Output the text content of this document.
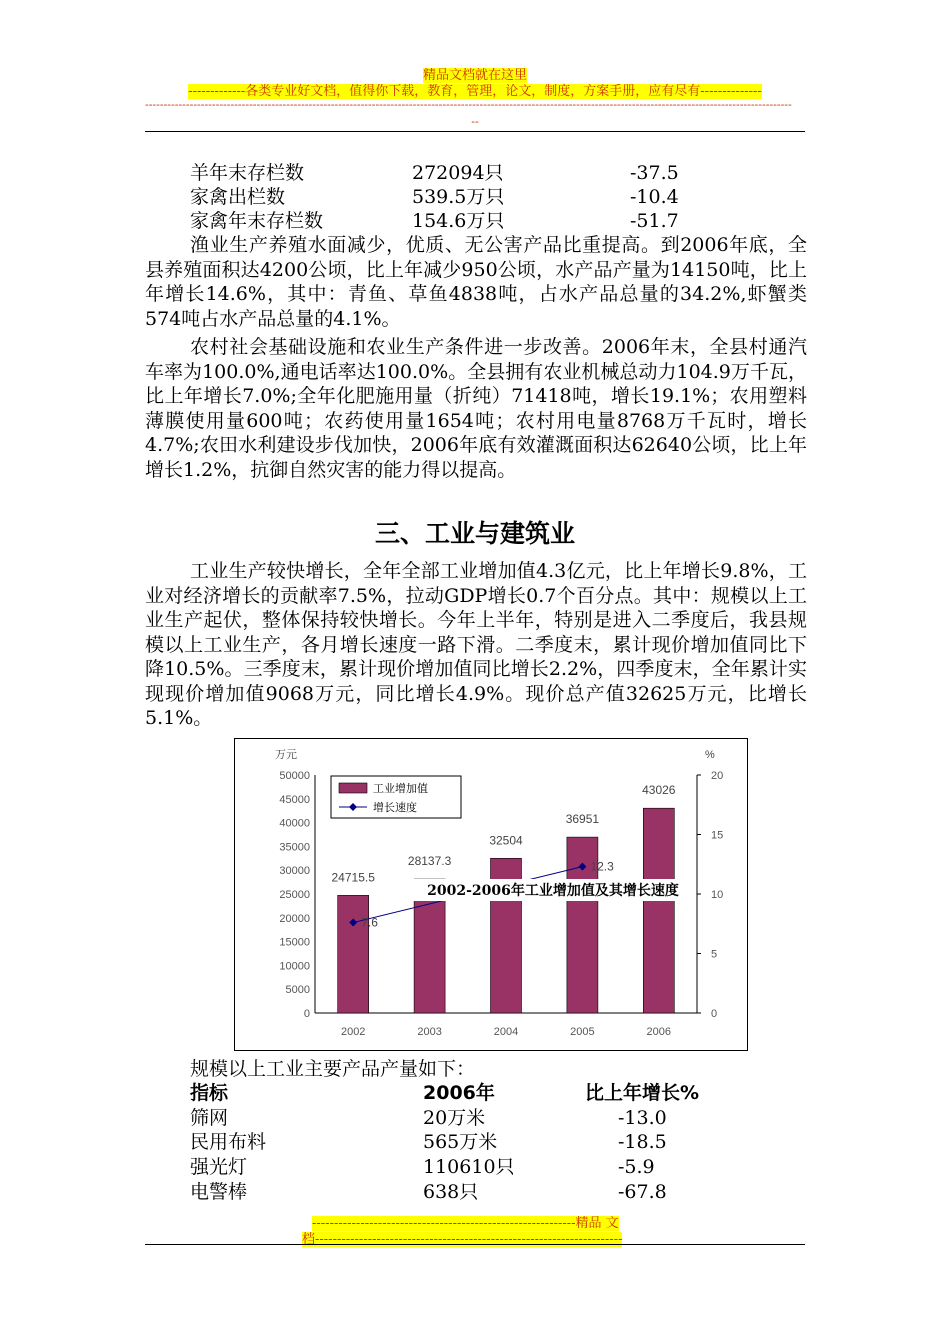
精品文档就在这里
-------------各类专业好文档，值得你下载，教育，管理，论文，制度，方案手册，应有尽有--------------
------------------------------------------------------------------------------------------------------------------------------------------------------------------------------
--
羊年末存栏数	272094只	-37.5
家禽出栏数	539.5万只	-10.4
家禽年末存栏数	154.6万只	-51.7

渔业生产养殖水面减少，优质、无公害产品比重提高。到2006年底，全县养殖面积达4200公顷，比上年减少950公顷，水产品产量为14150吨，比上年增长14.6%，其中：青鱼、草鱼4838吨，占水产品总量的34.2%,虾蟹类574吨占水产品总量的4.1%。

农村社会基础设施和农业生产条件进一步改善。2006年末，全县村通汽车率为100.0%,通电话率达100.0%。全县拥有农业机械总动力104.9万千瓦，比上年增长7.0%;全年化肥施用量（折纯）71418吨，增长19.1%；农用塑料薄膜使用量600吨；农药使用量1654吨；农村用电量8768万千瓦时，增长4.7%;农田水利建设步伐加快，2006年底有效灌溉面积达62640公顷，比上年增长1.2%，抗御自然灾害的能力得以提高。

三、工业与建筑业

工业生产较快增长，全年全部工业增加值4.3亿元，比上年增长9.8%，工业对经济增长的贡献率7.5%，拉动GDP增长0.7个百分点。其中：规模以上工业生产起伏，整体保持较快增长。今年上半年，特别是进入二季度后，我县规模以上工业生产，各月增长速度一路下滑。二季度末，累计现价增加值同比下降10.5%。三季度末，累计现价增加值同比增长2.2%，四季度末，全年累计实现现价增加值9068万元，同比增长4.9%。现价总产值32625万元，比增长5.1%。

万元	%
50000
45000
40000
35000
30000
25000
20000
15000
10000
5000
0
20
15
10
5
0
24715.5
28137.3
32504
36951
43026
2002	2003	2004	2005	2006
7.6
12.3
2002-2006年工业增加值及其增长速度
工业增加值
增长速度
规模以上工业主要产品产量如下：
指标	2006年	比上年增长%
筛网	20万米	-13.0
民用布料	565万米	-18.5
强光灯	110610只	-5.9
电警棒	638只	-67.8
------------------------------------------------------------精品 文
档----------------------------------------------------------------------
